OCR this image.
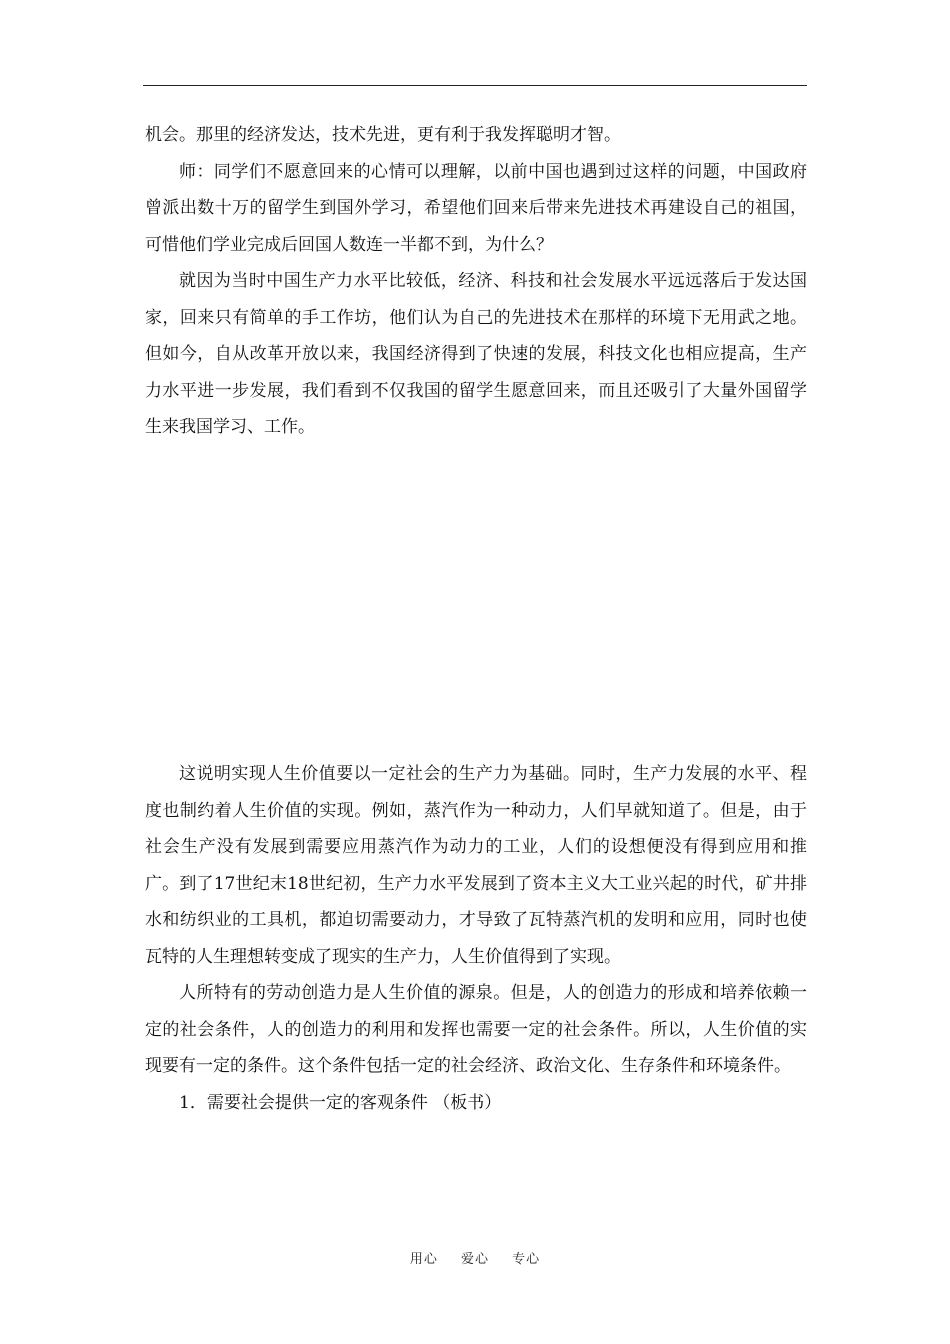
机会。那里的经济发达，技术先进，更有利于我发挥聪明才智。

师：同学们不愿意回来的心情可以理解，以前中国也遇到过这样的问题，中国政府曾派出数十万的留学生到国外学习，希望他们回来后带来先进技术再建设自己的祖国，可惜他们学业完成后回国人数连一半都不到，为什么？

就因为当时中国生产力水平比较低，经济、科技和社会发展水平远远落后于发达国家，回来只有简单的手工作坊，他们认为自己的先进技术在那样的环境下无用武之地。但如今，自从改革开放以来，我国经济得到了快速的发展，科技文化也相应提高，生产力水平进一步发展，我们看到不仅我国的留学生愿意回来，而且还吸引了大量外国留学生来我国学习、工作。

这说明实现人生价值要以一定社会的生产力为基础。同时，生产力发展的水平、程度也制约着人生价值的实现。例如，蒸汽作为一种动力，人们早就知道了。但是，由于社会生产没有发展到需要应用蒸汽作为动力的工业，人们的设想便没有得到应用和推广。到了17世纪末18世纪初，生产力水平发展到了资本主义大工业兴起的时代，矿井排水和纺织业的工具机，都迫切需要动力，才导致了瓦特蒸汽机的发明和应用，同时也使瓦特的人生理想转变成了现实的生产力，人生价值得到了实现。

人所特有的劳动创造力是人生价值的源泉。但是，人的创造力的形成和培养依赖一定的社会条件，人的创造力的利用和发挥也需要一定的社会条件。所以，人生价值的实现要有一定的条件。这个条件包括一定的社会经济、政治文化、生存条件和环境条件。

1．需要社会提供一定的客观条件 （板书）

用心 爱心 专心
